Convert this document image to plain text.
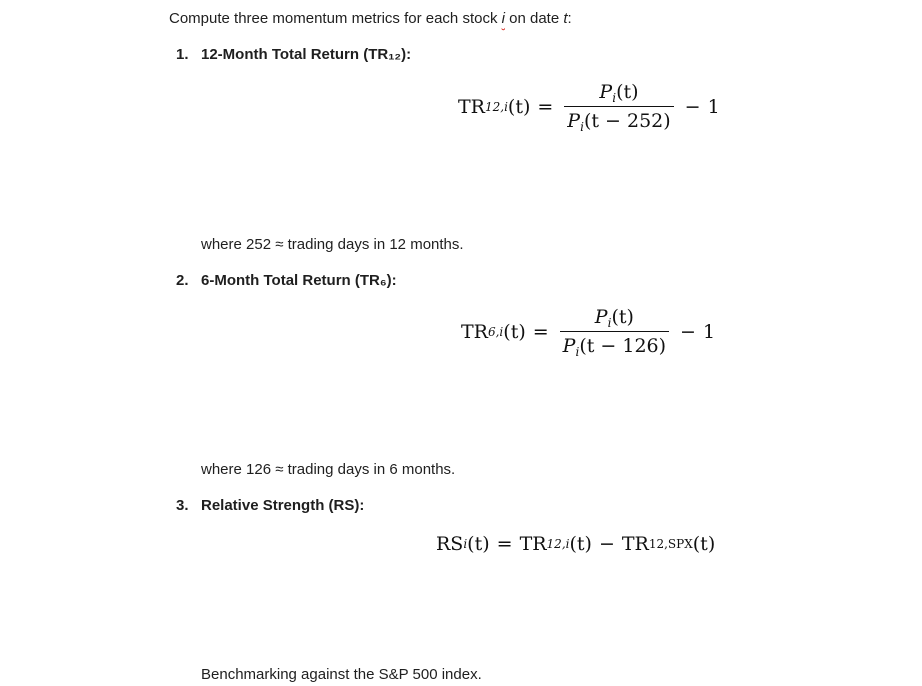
Compute three momentum metrics for each stock i on date t:
1. 12-Month Total Return (TR₁₂):
TR 12,i $(t) = \frac{P_i(t)}{P_i(t - 252)} - 1$
where 252 ≈ trading days in 12 months.
2. 6-Month Total Return (TR₆):
TR 6,i $(t) = \frac{P_i(t)}{P_i(t - 126)} - 1$
where 126 ≈ trading days in 6 months.
3. Relative Strength (RS):
RS i (t) = TR 12,i (t) − TR 12,SPX (t)
Benchmarking against the S&P 500 index.
